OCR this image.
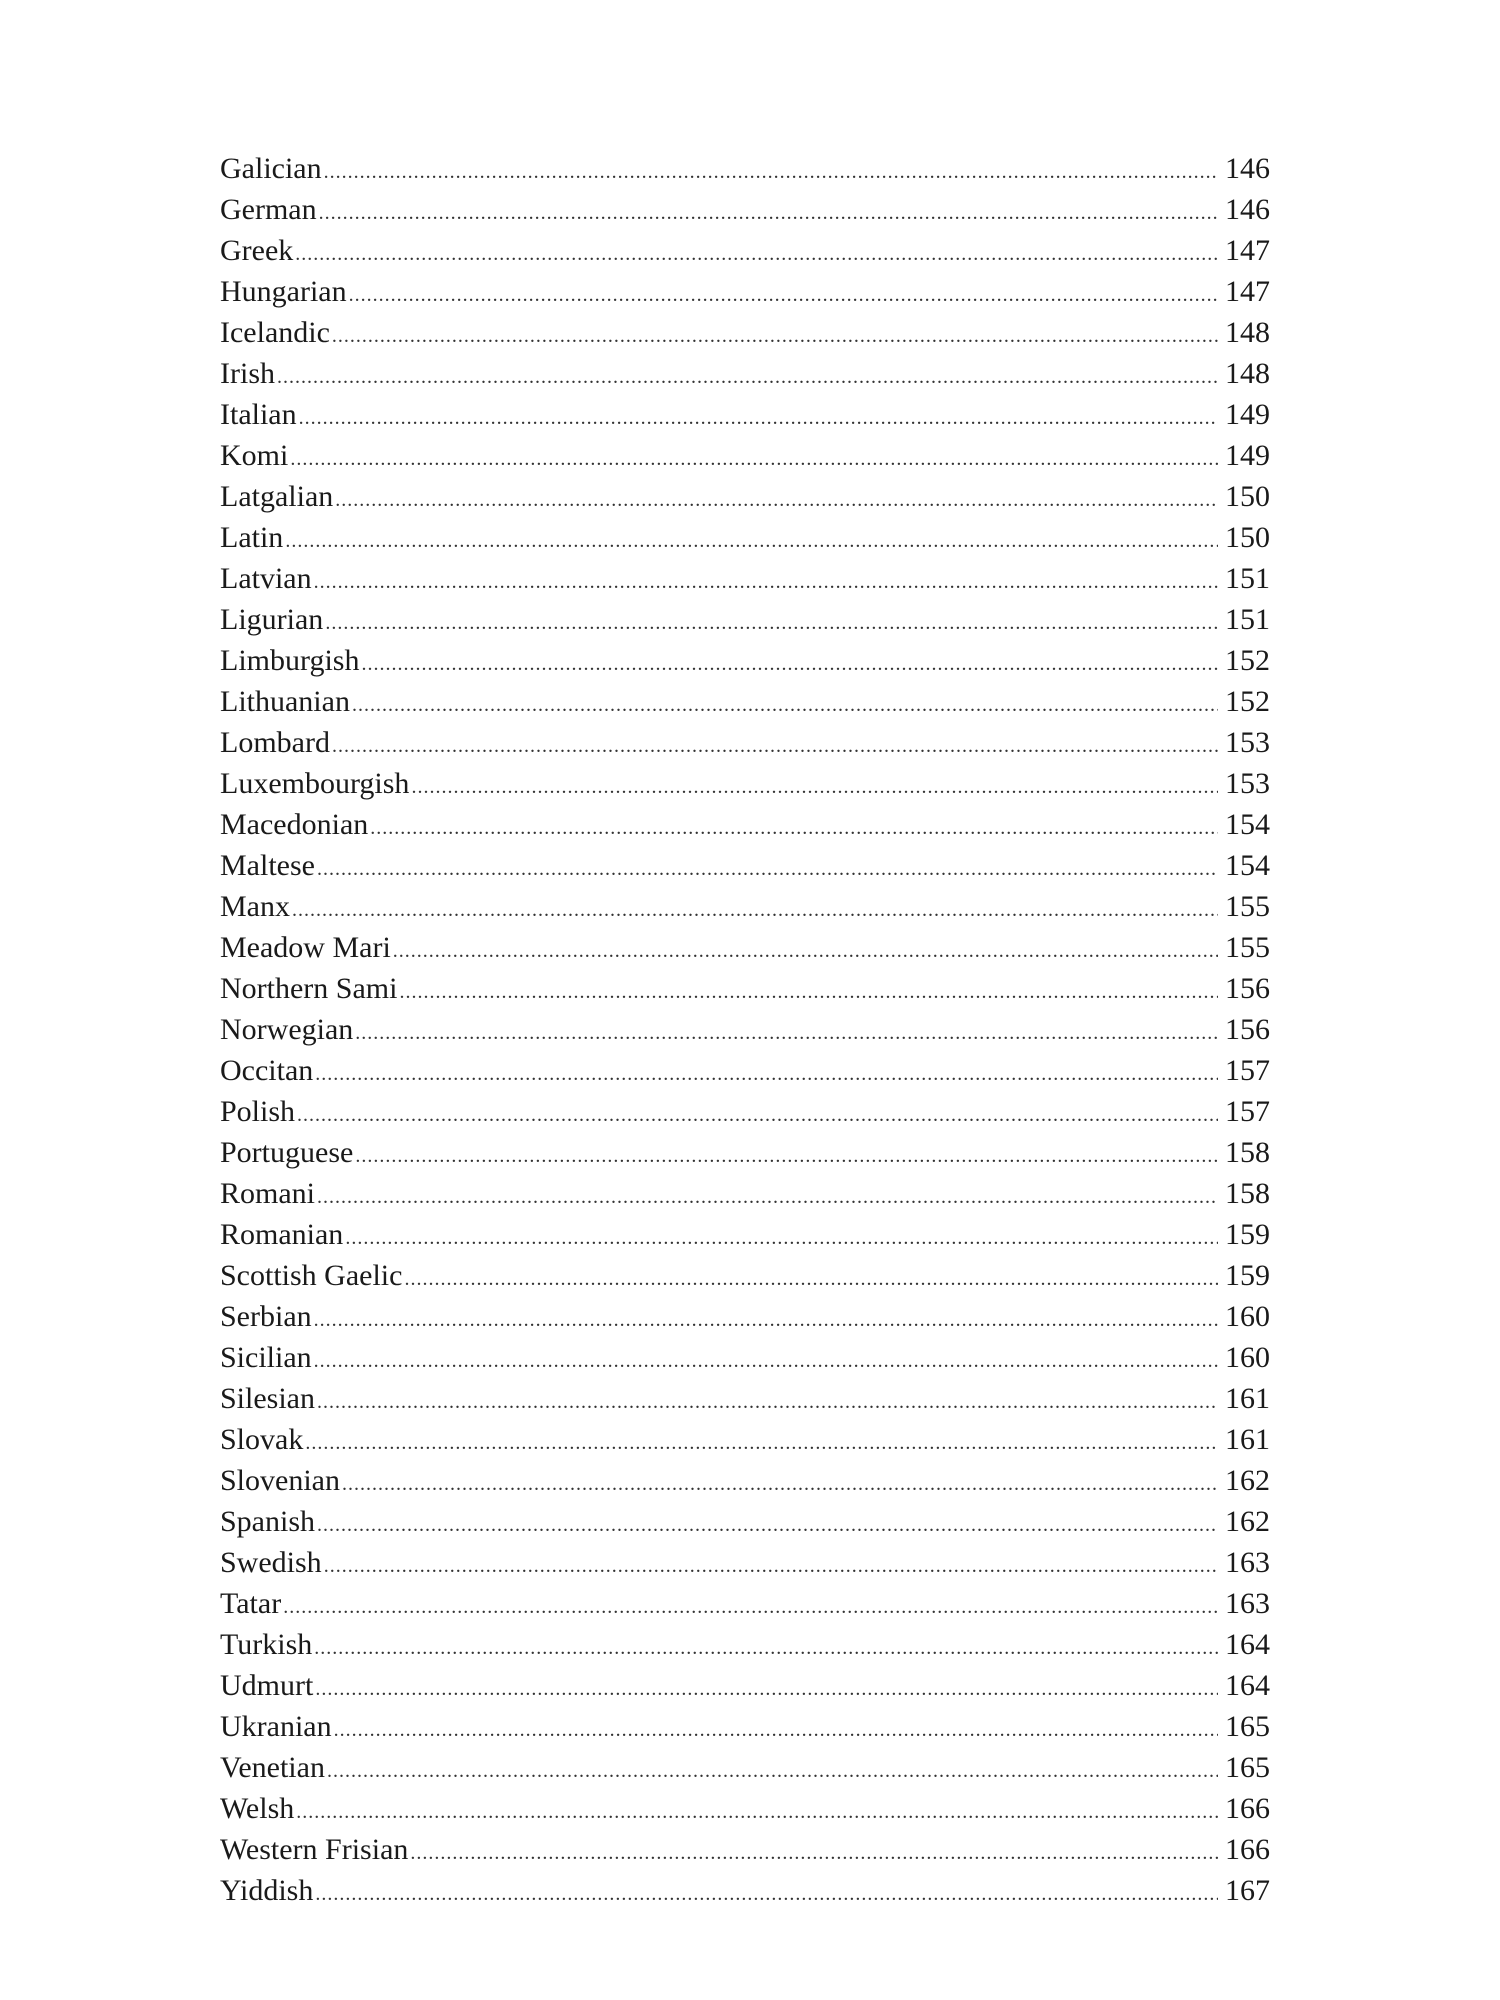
Galician .....	146
German .....	146
Greek .....	147
Hungarian .....	147
Icelandic .....	148
Irish .....	148
Italian .....	149
Komi .....	149
Latgalian .....	150
Latin .....	150
Latvian .....	151
Ligurian .....	151
Limburgish .....	152
Lithuanian .....	152
Lombard .....	153
Luxembourgish .....	153
Macedonian .....	154
Maltese .....	154
Manx .....	155
Meadow Mari .....	155
Northern Sami .....	156
Norwegian .....	156
Occitan .....	157
Polish .....	157
Portuguese .....	158
Romani .....	158
Romanian .....	159
Scottish Gaelic .....	159
Serbian .....	160
Sicilian .....	160
Silesian .....	161
Slovak .....	161
Slovenian .....	162
Spanish .....	162
Swedish .....	163
Tatar .....	163
Turkish .....	164
Udmurt .....	164
Ukranian .....	165
Venetian .....	165
Welsh .....	166
Western Frisian .....	166
Yiddish .....	167
